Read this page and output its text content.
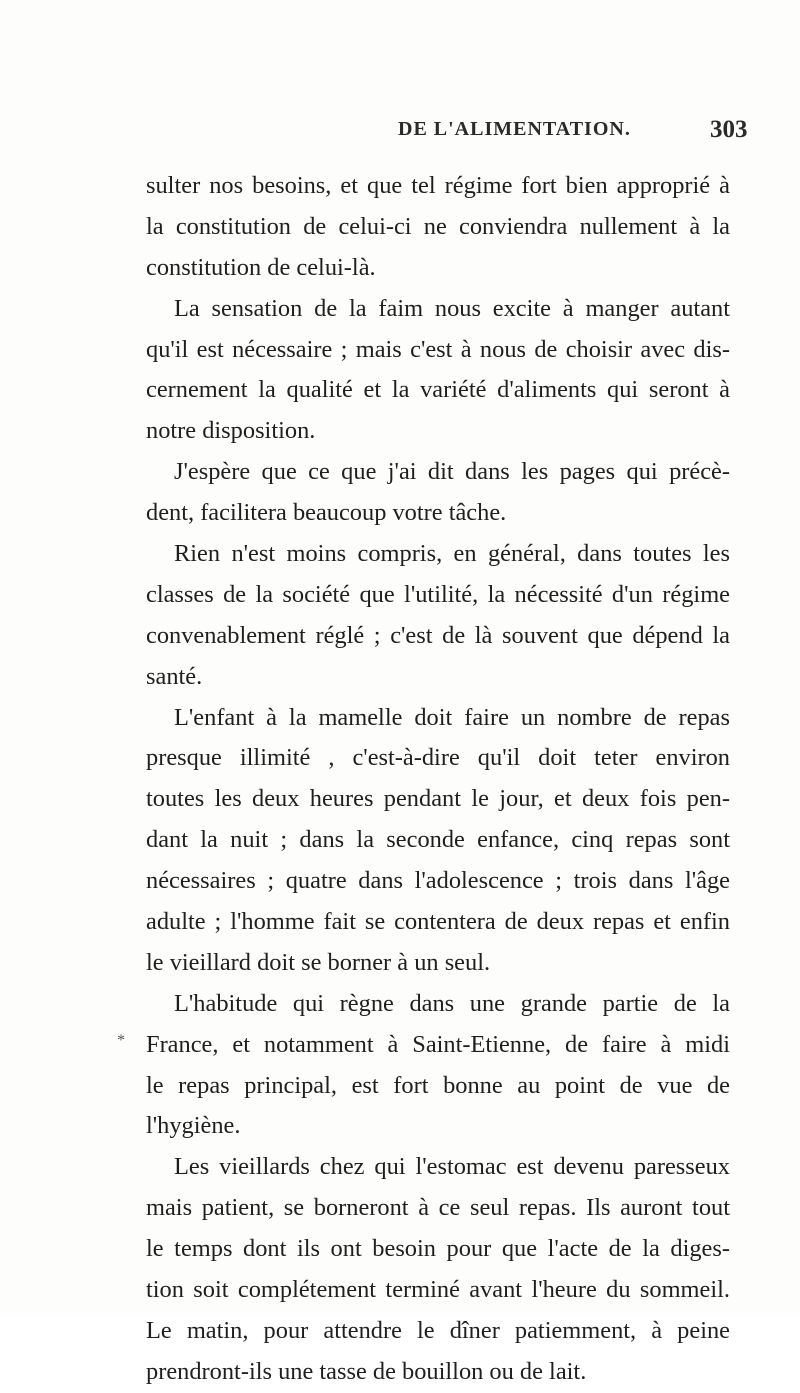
DE L'ALIMENTATION.	303
sulter nos besoins, et que tel régime fort bien approprié à
la constitution de celui-ci ne conviendra nullement à la
constitution de celui-là.
La sensation de la faim nous excite à manger autant
qu'il est nécessaire ; mais c'est à nous de choisir avec dis-
cernement la qualité et la variété d'aliments qui seront à
notre disposition.
J'espère que ce que j'ai dit dans les pages qui précè-
dent, facilitera beaucoup votre tâche.
Rien n'est moins compris, en général, dans toutes les
classes de la société que l'utilité, la nécessité d'un régime
convenablement réglé ; c'est de là souvent que dépend la
santé.
L'enfant à la mamelle doit faire un nombre de repas
presque illimité , c'est-à-dire qu'il doit teter environ
toutes les deux heures pendant le jour, et deux fois pen-
dant la nuit ; dans la seconde enfance, cinq repas sont
nécessaires ; quatre dans l'adolescence ; trois dans l'âge
adulte ; l'homme fait se contentera de deux repas et enfin
le vieillard doit se borner à un seul.
L'habitude qui règne dans une grande partie de la
France, et notamment à Saint-Etienne, de faire à midi
le repas principal, est fort bonne au point de vue de
l'hygiène.
Les vieillards chez qui l'estomac est devenu paresseux
mais patient, se borneront à ce seul repas. Ils auront tout
le temps dont ils ont besoin pour que l'acte de la diges-
tion soit complétement terminé avant l'heure du sommeil.
Le matin, pour attendre le dîner patiemment, à peine
prendront-ils une tasse de bouillon ou de lait.
*
